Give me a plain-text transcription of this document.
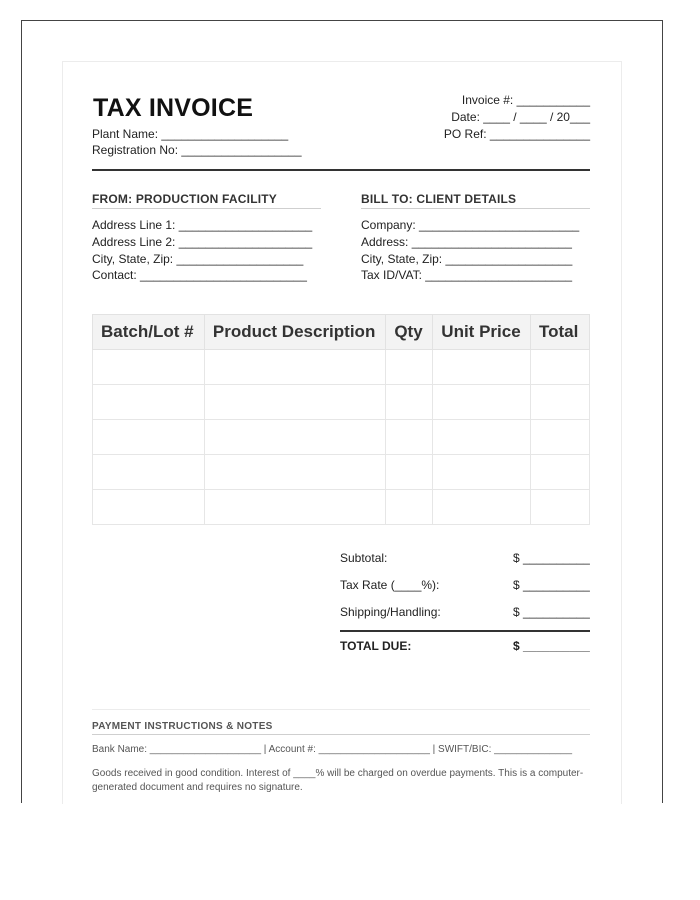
TAX INVOICE
Plant Name: ___________________
Registration No: __________________
Invoice #: ___________
Date: ____ / ____ / 20___
PO Ref: _______________
FROM: PRODUCTION FACILITY
Address Line 1: ____________________
Address Line 2: ____________________
City, State, Zip: ___________________
Contact: _________________________
BILL TO: CLIENT DETAILS
Company: ________________________
Address: ________________________
City, State, Zip: ___________________
Tax ID/VAT: ______________________
Batch/Lot #	Product Description	Qty	Unit Price	Total

Subtotal:	$ __________
Tax Rate (____%):	$ __________
Shipping/Handling:	$ __________
TOTAL DUE:	$ __________
PAYMENT INSTRUCTIONS & NOTES
Bank Name: ____________________ | Account #: ____________________ | SWIFT/BIC: ______________
Goods received in good condition. Interest of ____% will be charged on overdue payments. This is a computer-generated document and requires no signature.
